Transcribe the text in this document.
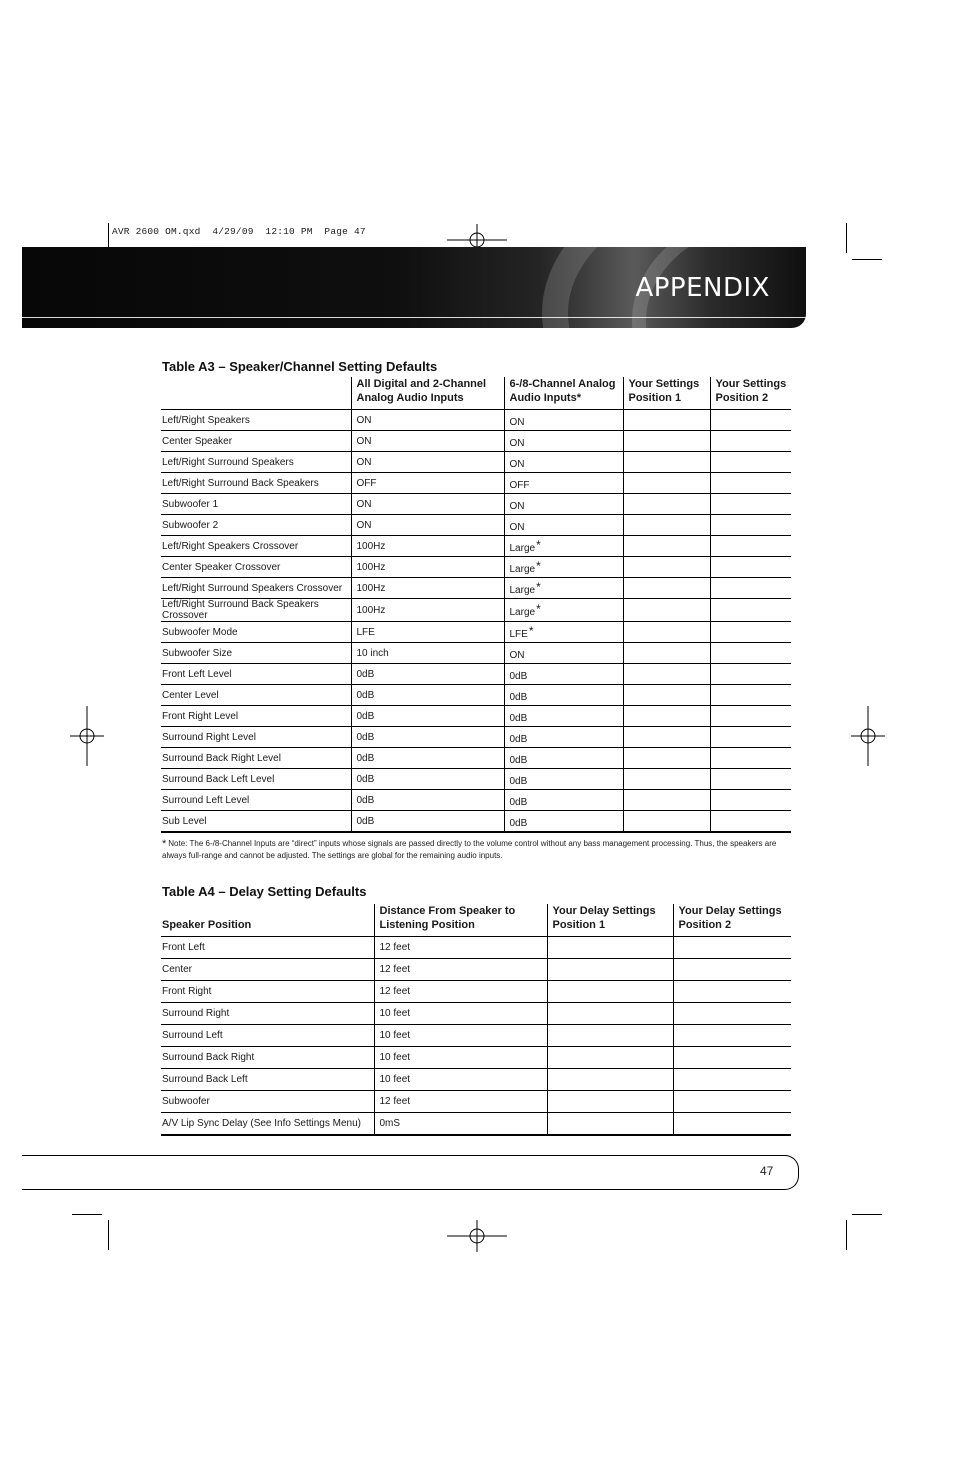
AVR 2600 OM.qxd  4/29/09  12:10 PM  Page 47
APPENDIX
Table A3 – Speaker/Channel Setting Defaults
	All Digital and 2-Channel Analog Audio Inputs	6-/8-Channel Analog Audio Inputs*	Your Settings Position 1	Your Settings Position 2
Left/Right Speakers	ON	ON		
Center Speaker	ON	ON		
Left/Right Surround Speakers	ON	ON		
Left/Right Surround Back Speakers	OFF	OFF		
Subwoofer 1	ON	ON		
Subwoofer 2	ON	ON		
Left/Right Speakers Crossover	100Hz	Large*		
Center Speaker Crossover	100Hz	Large*		
Left/Right Surround Speakers Crossover	100Hz	Large*		
Left/Right Surround Back Speakers Crossover	100Hz	Large*		
Subwoofer Mode	LFE	LFE*		
Subwoofer Size	10 inch	ON		
Front Left Level	0dB	0dB		
Center Level	0dB	0dB		
Front Right Level	0dB	0dB		
Surround Right Level	0dB	0dB		
Surround Back Right Level	0dB	0dB		
Surround Back Left Level	0dB	0dB		
Surround Left Level	0dB	0dB		
Sub Level	0dB	0dB		
* Note: The 6-/8-Channel Inputs are “direct” inputs whose signals are passed directly to the volume control without any bass management processing. Thus, the speakers are always full-range and cannot be adjusted. The settings are global for the remaining audio inputs.
Table A4 – Delay Setting Defaults
Speaker Position	Distance From Speaker to Listening Position	Your Delay Settings Position 1	Your Delay Settings Position 2
Front Left	12 feet		
Center	12 feet		
Front Right	12 feet		
Surround Right	10 feet		
Surround Left	10 feet		
Surround Back Right	10 feet		
Surround Back Left	10 feet		
Subwoofer	12 feet		
A/V Lip Sync Delay (See Info Settings Menu)	0mS		
47
